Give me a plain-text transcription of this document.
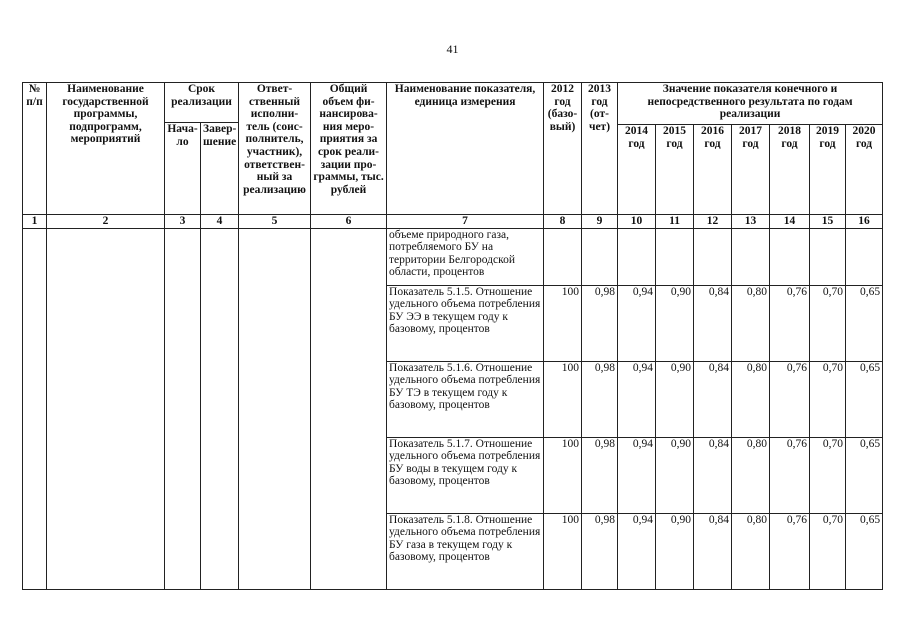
41
№ п/п	Наименование государственной программы, подпрограмм, мероприятий	Срок реализации		Ответ-ственный исполни-тель (соис-полнитель, участник), ответствен-ный за реализацию	Общий объем фи-нансирова-ния меро-приятия за срок реали-зации про-граммы, тыс. рублей	Наименование показателя, единица измерения	2012 год (базо-вый)	2013 год (от-чет)	Значение показателя конечного и непосредственного результата по годам реализации						
		Нача-ло	Завер-шение												
									2014 год	2015 год	2016 год	2017 год	2018 год	2019 год	2020 год
1	2	3	4	5	6	7	8	9	10	11	12	13	14	15	16
						объеме природного газа, потребляемого БУ на территории Белгородской области, процентов									
						Показатель 5.1.5. Отношение удельного объема потребления БУ ЭЭ в текущем году к базовому, процентов	100	0,98	0,94	0,90	0,84	0,80	0,76	0,70	0,65
						Показатель 5.1.6. Отношение удельного объема потребления БУ ТЭ в текущем году к базовому, процентов	100	0,98	0,94	0,90	0,84	0,80	0,76	0,70	0,65
						Показатель 5.1.7. Отношение удельного объема потребления БУ воды в текущем году к базовому, процентов	100	0,98	0,94	0,90	0,84	0,80	0,76	0,70	0,65
						Показатель 5.1.8. Отношение удельного объема потребления БУ газа в текущем году к базовому, процентов	100	0,98	0,94	0,90	0,84	0,80	0,76	0,70	0,65
